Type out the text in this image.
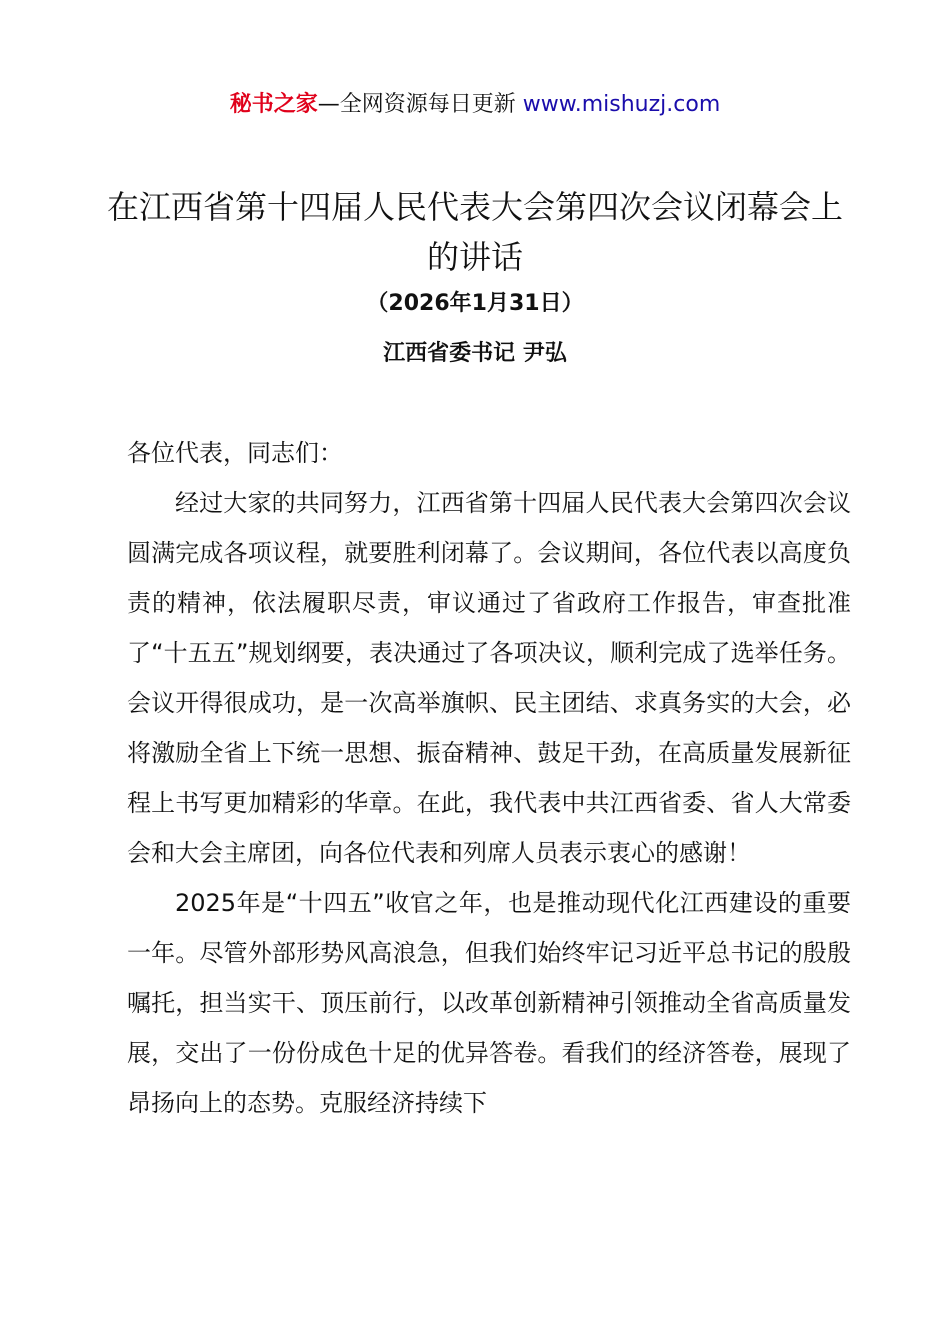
秘书之家—全网资源每日更新 www.mishuzj.com
在江西省第十四届人民代表大会第四次会议闭幕会上的讲话
（2026年1月31日）
江西省委书记 尹弘

各位代表，同志们：

经过大家的共同努力，江西省第十四届人民代表大会第四次会议圆满完成各项议程，就要胜利闭幕了。会议期间，各位代表以高度负责的精神，依法履职尽责，审议通过了省政府工作报告，审查批准了“十五五”规划纲要，表决通过了各项决议，顺利完成了选举任务。会议开得很成功，是一次高举旗帜、民主团结、求真务实的大会，必将激励全省上下统一思想、振奋精神、鼓足干劲，在高质量发展新征程上书写更加精彩的华章。在此，我代表中共江西省委、省人大常委会和大会主席团，向各位代表和列席人员表示衷心的感谢！

2025年是“十四五”收官之年，也是推动现代化江西建设的重要一年。尽管外部形势风高浪急，但我们始终牢记习近平总书记的殷殷嘱托，担当实干、顶压前行，以改革创新精神引领推动全省高质量发展，交出了一份份成色十足的优异答卷。看我们的经济答卷，展现了昂扬向上的态势。克服经济持续下
